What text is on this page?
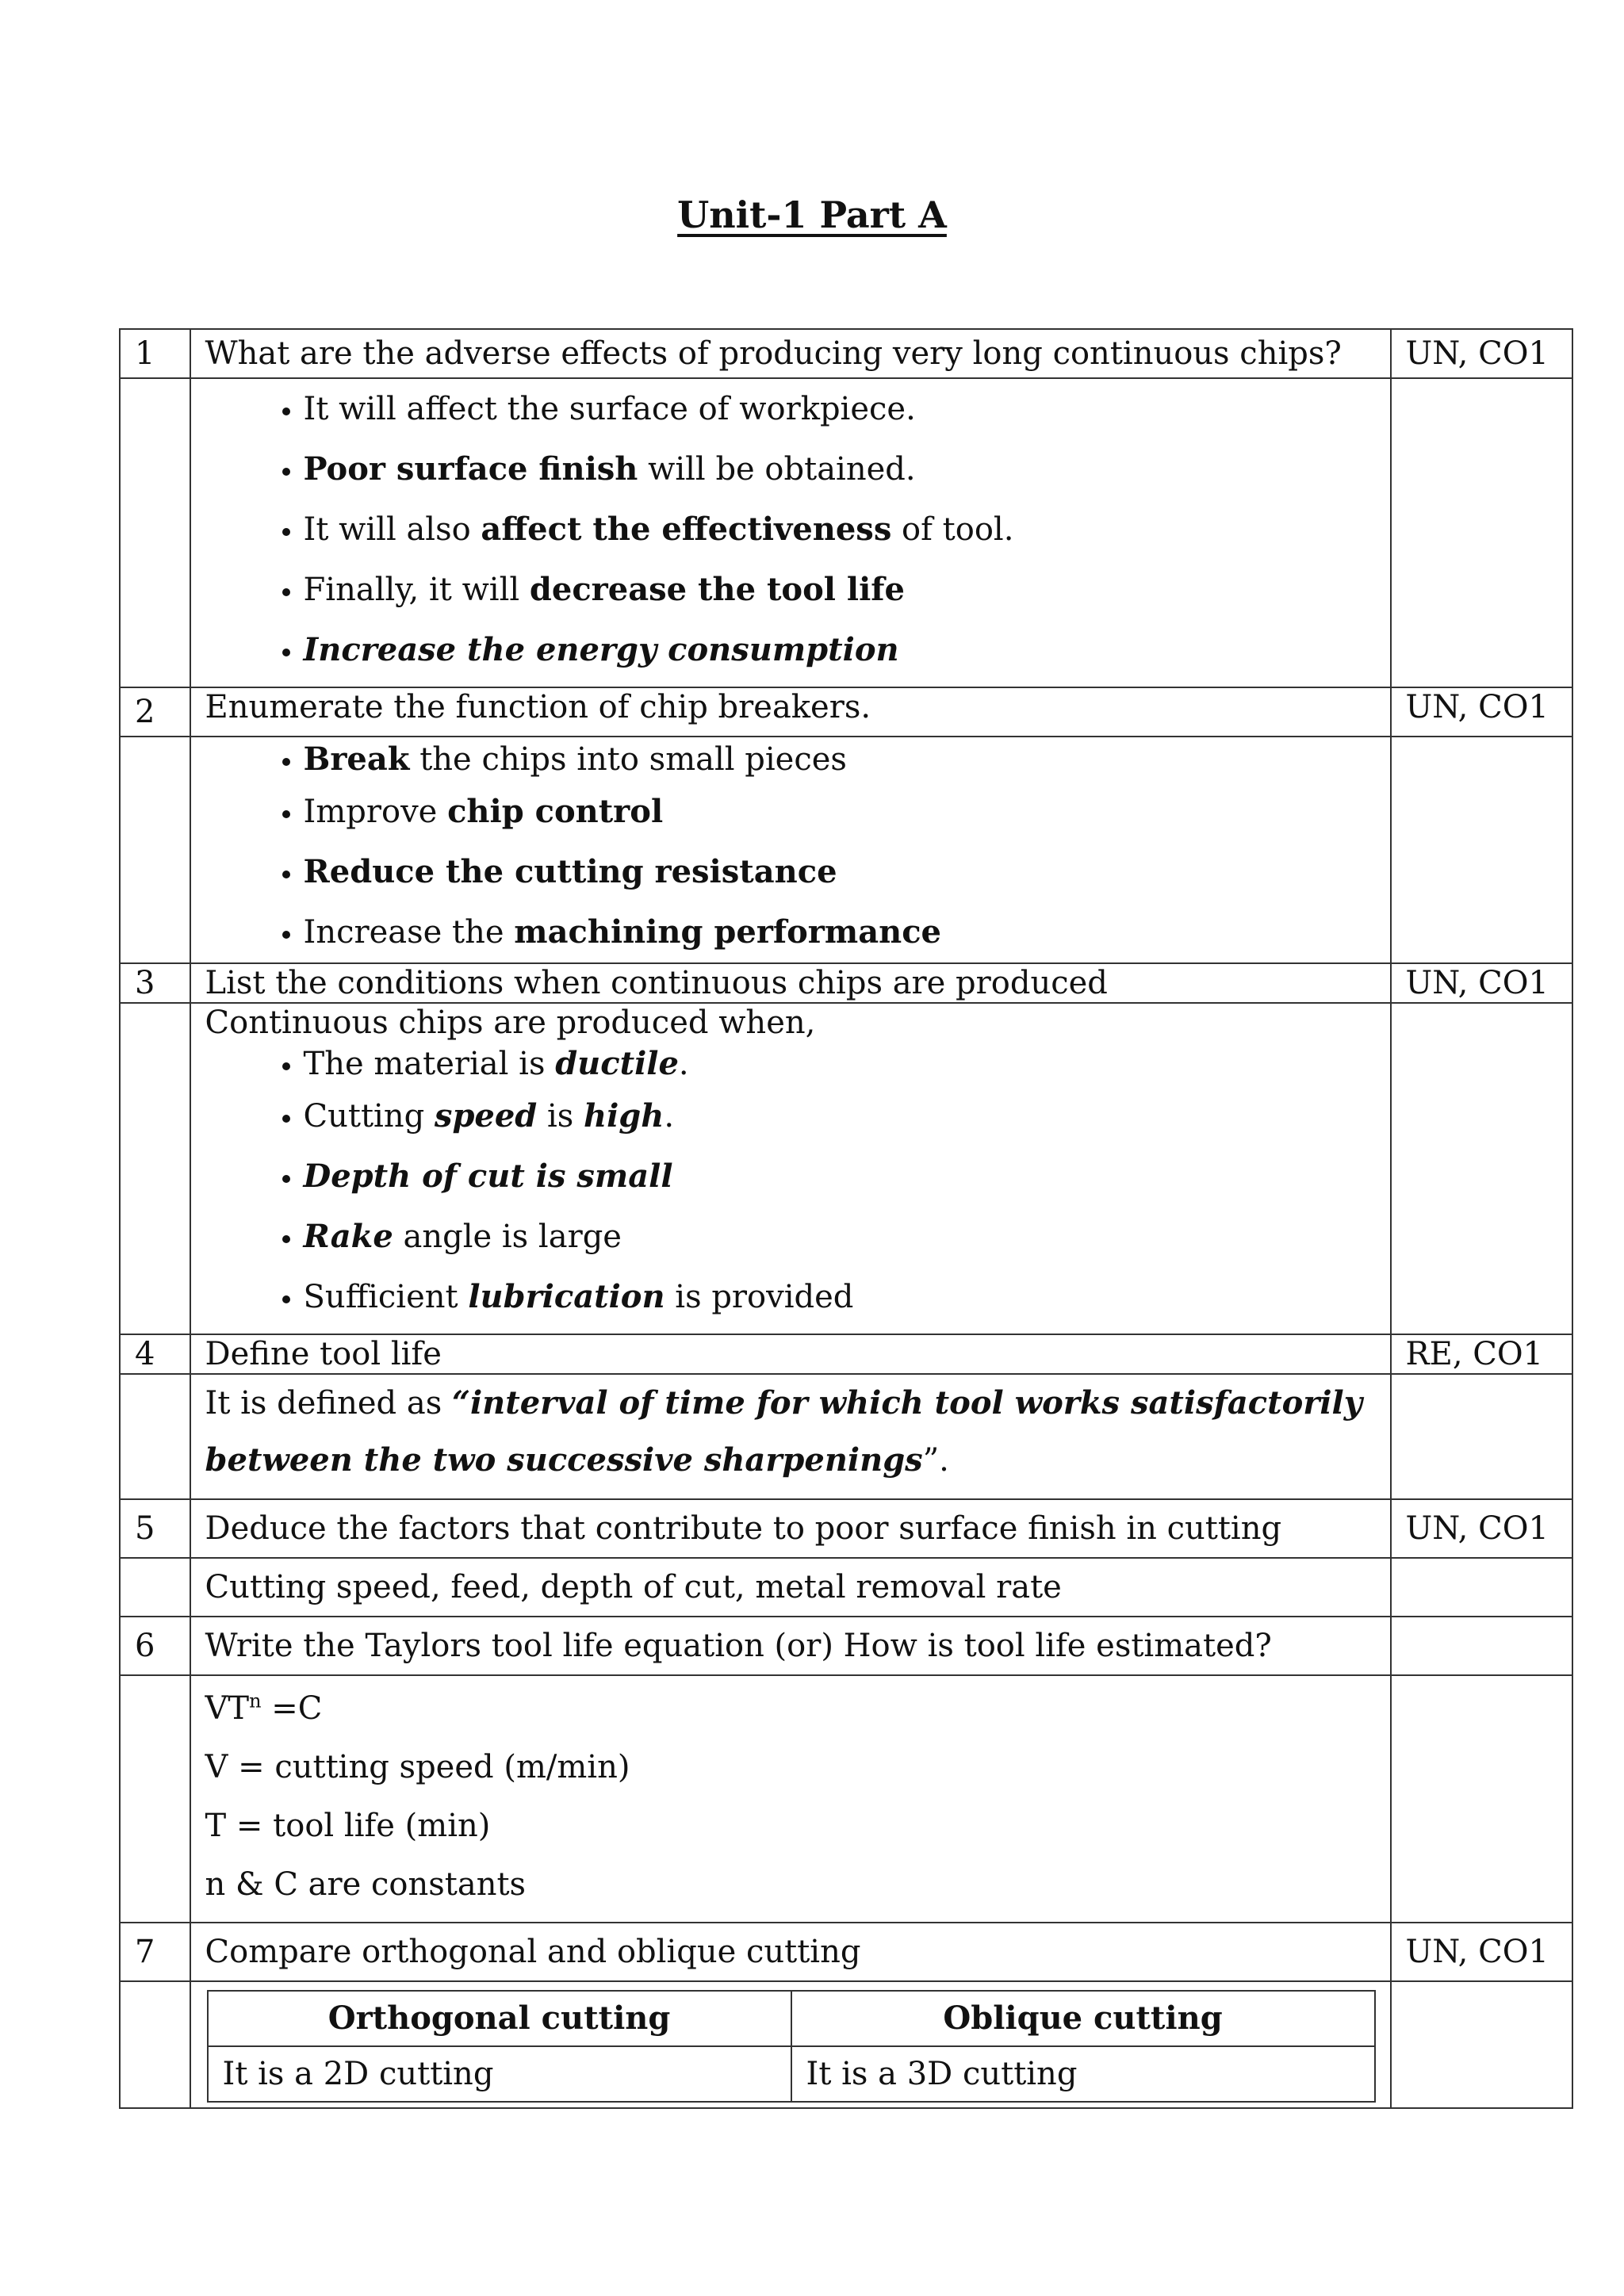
Unit-1 Part A
1	What are the adverse effects of producing very long continuous chips?	UN, CO1

• It will affect the surface of workpiece.
• Poor surface finish will be obtained.
• It will also affect the effectiveness of tool.
• Finally, it will decrease the tool life
• Increase the energy consumption

2	Enumerate the function of chip breakers.	UN, CO1

• Break the chips into small pieces
• Improve chip control
• Reduce the cutting resistance
• Increase the machining performance

3	List the conditions when continuous chips are produced	UN, CO1

Continuous chips are produced when,
• The material is ductile.
• Cutting speed is high.
• Depth of cut is small
• Rake angle is large
• Sufficient lubrication is provided

4	Define tool life	RE, CO1

It is defined as “interval of time for which tool works satisfactorily between the two successive sharpenings”.

5	Deduce the factors that contribute to poor surface finish in cutting	UN, CO1
	Cutting speed, feed, depth of cut, metal removal rate	
6	Write the Taylors tool life equation (or) How is tool life estimated?	

$VT^n =C$
V = cutting speed (m/min)
T = tool life (min)
n & C are constants

7	Compare orthogonal and oblique cutting	UN, CO1

Orthogonal cutting	Oblique cutting
It is a 2D cutting	It is a 3D cutting
